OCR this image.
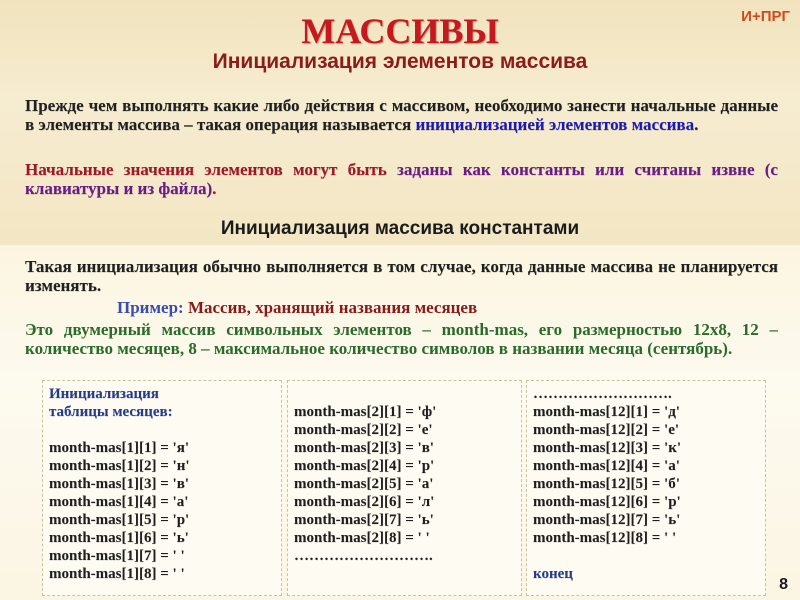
И+ПРГ
МАССИВЫ
Инициализация элементов массива
Прежде чем выполнять какие либо действия с массивом, необходимо занести начальные данные в элементы массива – такая операция называется инициализацией элементов массива.
Начальные значения элементов могут быть заданы как константы или считаны извне (с клавиатуры и из файла).
Инициализация массива константами
Такая инициализация обычно выполняется в том случае, когда данные массива не планируется изменять.
Пример: Массив, хранящий названия месяцев
Это двумерный массив символьных элементов – month-mas, его размерностью 12х8, 12 – количество месяцев, 8 – максимальное количество символов в названии месяца (сентябрь).
Инициализация
таблицы месяцев:
month-mas[1][1] = 'я'
month-mas[1][2] = 'н'
month-mas[1][3] = 'в'
month-mas[1][4] = 'а'
month-mas[1][5] = 'р'
month-mas[1][6] = 'ь'
month-mas[1][7] = ' '
month-mas[1][8] = ' '
month-mas[2][1] = 'ф'
month-mas[2][2] = 'е'
month-mas[2][3] = 'в'
month-mas[2][4] = 'р'
month-mas[2][5] = 'а'
month-mas[2][6] = 'л'
month-mas[2][7] = 'ь'
month-mas[2][8] = ' '
……………………….
……………………….
month-mas[12][1] = 'д'
month-mas[12][2] = 'е'
month-mas[12][3] = 'к'
month-mas[12][4] = 'а'
month-mas[12][5] = 'б'
month-mas[12][6] = 'р'
month-mas[12][7] = 'ь'
month-mas[12][8] = ' '
конец
8
